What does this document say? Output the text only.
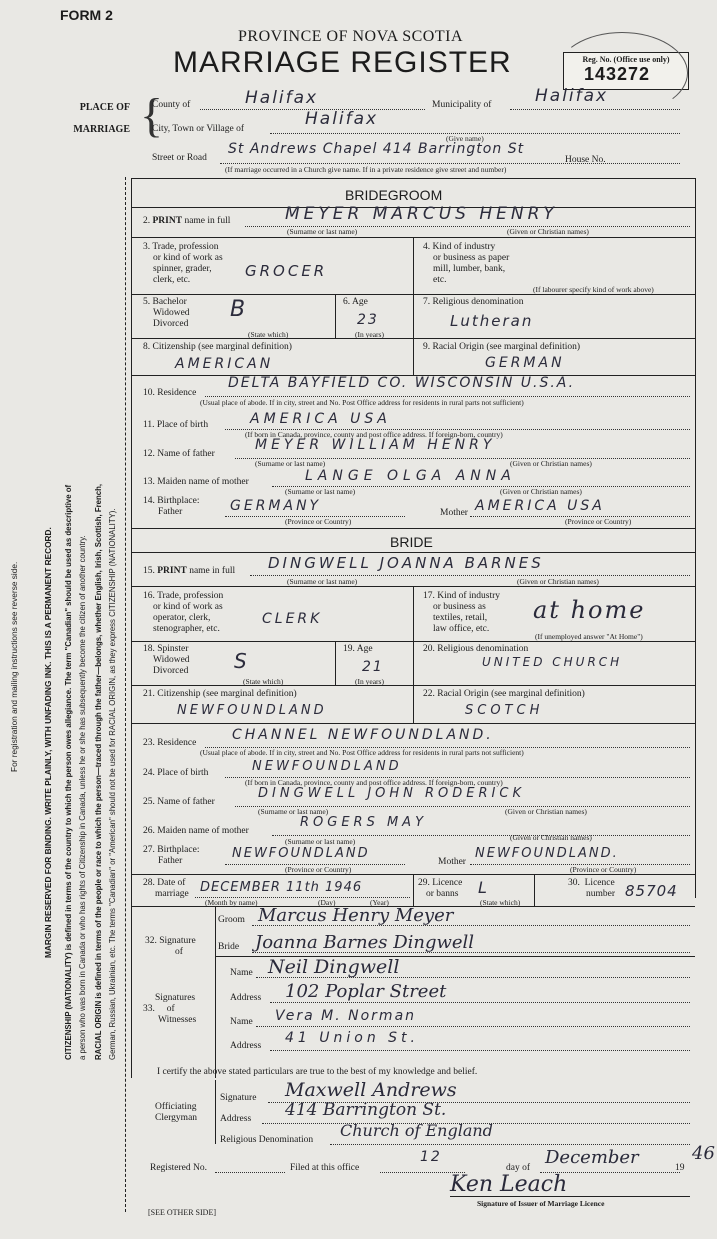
FORM 2
PROVINCE OF NOVA SCOTIA
MARRIAGE REGISTER	Reg. No. (Office use only)
143272
PLACE OF
MARRIAGE {
County of	Halifax	Municipality of	Halifax
City, Town or Village of	Halifax
(Give name)
Street or Road
St Andrews Chapel 414 Barrington St
House No.
(If marriage occurred in a Church give name. If in a private residence give street and number)
For registration and mailing instructions see reverse side.	MARGIN RESERVED FOR BINDING. WRITE PLAINLY, WITH UNFADING INK. THIS IS A PERMANENT RECORD. CITIZENSHIP (NATIONALITY) is defined in terms of the country to which the person owes allegiance. The term "Canadian" should be used as descriptive of a person who was born in Canada or who has rights of Citizenship in Canada, unless he or she has subsequently become the citizen of another country. RACIAL ORIGIN is defined in terms of the people or race to which the person—traced through the father—belongs, whether English, Irish, Scottish, French, German, Russian, Ukrainian, etc. The terms "Canadian" or "American" should not be used for RACIAL ORIGIN, as they express CITIZENSHIP (NATIONALITY).
BRIDEGROOM
2. PRINT name in full	MEYER MARCUS HENRY
(Surname or last name)	(Given or Christian names)
3. Trade, profession
or kind of work as
spinner, grader,
clerk, etc.	GROCER
4. Kind of industry
or business as paper
mill, lumber, bank,
etc.
(If labourer specify kind of work above)
5. Bachelor
Widowed
Divorced
B
(State which)
6. Age
23
(In years)
7. Religious denomination
Lutheran
8. Citizenship (see marginal definition)
AMERICAN
9. Racial Origin (see marginal definition)
GERMAN
10. Residence
DELTA BAYFIELD CO. WISCONSIN U.S.A.
(Usual place of abode. If in city, street and No. Post Office address for residents in rural parts not sufficient)
11. Place of birth	AMERICA USA
(If born in Canada, province, county and post office address. If foreign-born, country)
12. Name of father
MEYER WILLIAM HENRY
(Surname or last name)	(Given or Christian names)
13. Maiden name of mother	LANGE OLGA ANNA
(Surname or last name)	(Given or Christian names)
14. Birthplace:
Father	GERMANY	Mother AMERICA USA
(Province or Country)	(Province or Country)
BRIDE
15. PRINT name in full DINGWELL JOANNA BARNES
(Surname or last name)	(Given or Christian names)
16. Trade, profession
or kind of work as
operator, clerk,
stenographer, etc.
CLERK
17. Kind of industry
or business as
textiles, retail,
law office, etc.
at home
(If unemployed answer "At Home")
18. Spinster
Widowed
Divorced S
(State which)
19. Age
21
(In years)
20. Religious denomination
UNITED CHURCH
21. Citizenship (see marginal definition)
NEWFOUNDLAND
22. Racial Origin (see marginal definition)
SCOTCH
23. Residence	CHANNEL NEWFOUNDLAND.
(Usual place of abode. If in city, street and No. Post Office address for residents in rural parts not sufficient)
24. Place of birth	NEWFOUNDLAND
(If born in Canada, province, county and post office address. If foreign-born, country)
25. Name of father
DINGWELL JOHN RODERICK
(Surname or last name)	(Given or Christian names)
26. Maiden name of mother
ROGERS MAY
(Surname or last name)	(Given or Christian names)
27. Birthplace:
Father	NEWFOUNDLAND
Mother
NEWFOUNDLAND.
(Province or Country)	(Province or Country)
28. Date of
marriage DECEMBER 11th 1946
(Month by name)	(Day)	(Year)
29. Licence
or banns L
(State which)
30.  Licence
number 85704
32. Signature
of
Groom Marcus Henry Meyer
Bride Joanna Barnes Dingwell
Signatures
33.     of
Witnesses
Name Neil Dingwell
Address 102 Poplar Street
Name Vera M. Norman
Address 41 Union St.
I certify the above stated particulars are true to the best of my knowledge and belief.
Officiating
Clergyman
Signature Maxwell Andrews
Address 414 Barrington St.
Religious Denomination Church of England
Registered No.	Filed at this office
12
day of December	19
46
Ken Leach
Signature of Issuer of Marriage Licence
[SEE OTHER SIDE]
